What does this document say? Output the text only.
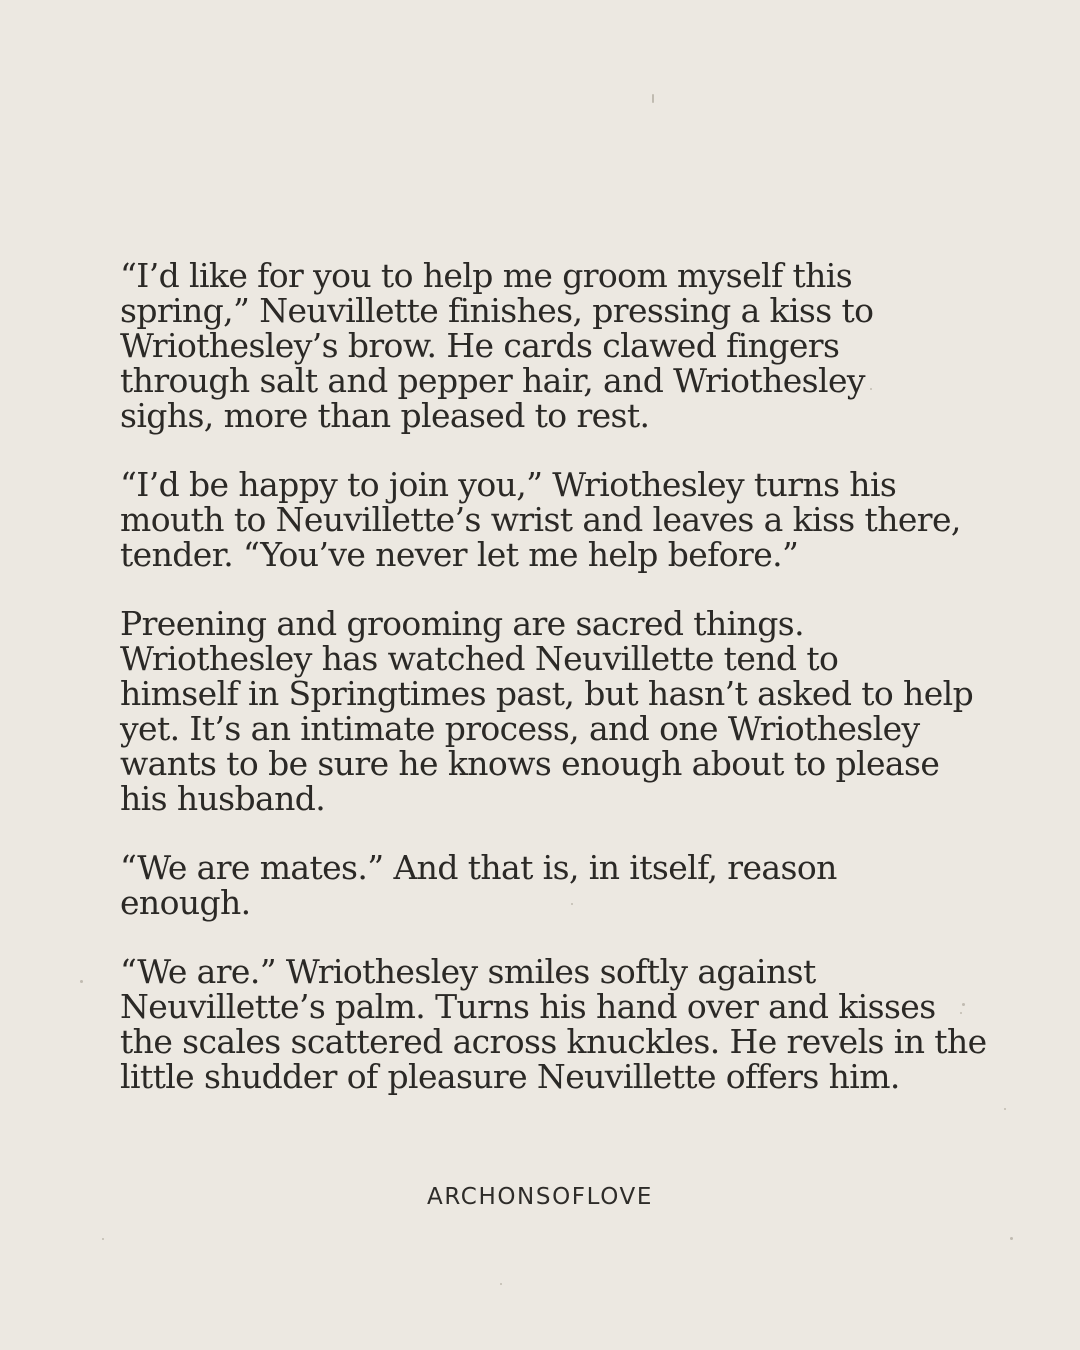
“I’d like for you to help me groom myself this
spring,” Neuvillette finishes, pressing a kiss to
Wriothesley’s brow. He cards clawed fingers
through salt and pepper hair, and Wriothesley
sighs, more than pleased to rest.

“I’d be happy to join you,” Wriothesley turns his
mouth to Neuvillette’s wrist and leaves a kiss there,
tender. “You’ve never let me help before.”

Preening and grooming are sacred things.
Wriothesley has watched Neuvillette tend to
himself in Springtimes past, but hasn’t asked to help
yet. It’s an intimate process, and one Wriothesley
wants to be sure he knows enough about to please
his husband.

“We are mates.” And that is, in itself, reason
enough.

“We are.” Wriothesley smiles softly against
Neuvillette’s palm. Turns his hand over and kisses
the scales scattered across knuckles. He revels in the
little shudder of pleasure Neuvillette offers him.

ARCHONSOFLOVE
